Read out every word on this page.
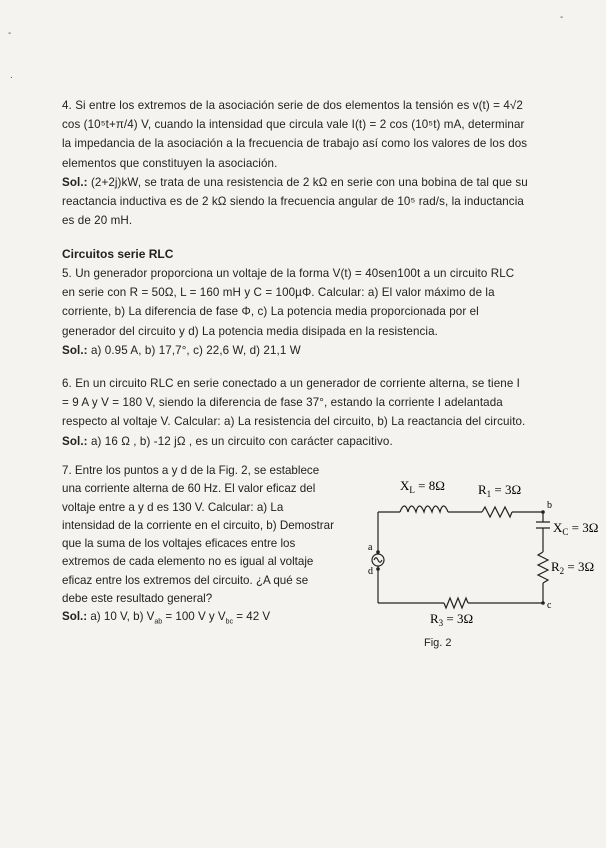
-
.
-

4. Si entre los extremos de la asociación serie de dos elementos la tensión es v(t) = 4√2 cos (10⁵t+π/4) V, cuando la intensidad que circula vale I(t) = 2 cos (10⁵t) mA, determinar la impedancia de la asociación a la frecuencia de trabajo así como los valores de los dos elementos que constituyen la asociación.

Sol.: (2+2j)kW, se trata de una resistencia de 2 kΩ en serie con una bobina de tal que su reactancia inductiva es de 2 kΩ siendo la frecuencia angular de 10⁵ rad/s, la inductancia es de 20 mH.

Circuitos serie RLC

5. Un generador proporciona un voltaje de la forma V(t) = 40sen100t a un circuito RLC en serie con R = 50Ω, L = 160 mH y C = 100µΦ. Calcular: a) El valor máximo de la corriente, b) La diferencia de fase Φ, c) La potencia media proporcionada por el generador del circuito y d) La potencia media disipada en la resistencia.

Sol.: a) 0.95 A, b) 17,7°, c) 22,6 W, d) 21,1 W

6. En un circuito RLC en serie conectado a un generador de corriente alterna, se tiene I = 9 A y V = 180 V, siendo la diferencia de fase 37°, estando la corriente I adelantada respecto al voltaje V. Calcular: a) La resistencia del circuito, b) La reactancia del circuito.

Sol.: a) 16 Ω , b) -12 jΩ , es un circuito con carácter capacitivo.

7. Entre los puntos a y d de la Fig. 2, se establece una corriente alterna de 60 Hz. El valor eficaz del voltaje entre a y d es 130 V. Calcular: a) La intensidad de la corriente en el circuito, b) Demostrar que la suma de los voltajes eficaces entre los extremos de cada elemento no es igual al voltaje eficaz entre los extremos del circuito. ¿A qué se debe este resultado general?

Sol.: a) 10 V, b) $V_{ab} = 100$ V y $V_{bc} = 42$ V

$X_L = 8\Omega$	$R_1 = 3\Omega$
$X_C = 3\Omega$
$R_2 = 3\Omega$
$R_3 = 3\Omega$
a
d
b
c
Fig. 2
